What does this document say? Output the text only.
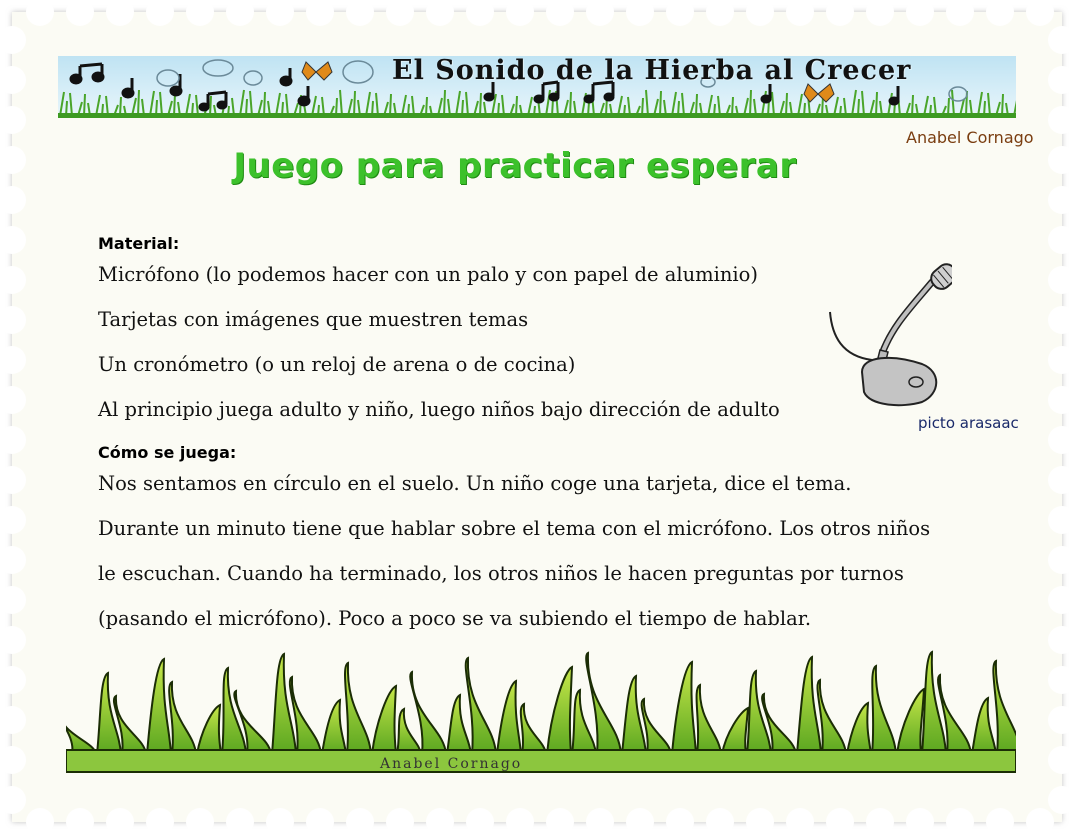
El Sonido de la Hierba al Crecer
Anabel Cornago
Juego para practicar esperar
Material:
Micrófono (lo podemos hacer con un palo y con papel de aluminio)
Tarjetas con imágenes que muestren temas
Un cronómetro (o un reloj de arena o de cocina)
Al principio juega adulto y niño, luego niños bajo dirección de adulto
Cómo se juega:
Nos sentamos en círculo en el suelo. Un niño coge una tarjeta, dice el tema.
Durante un minuto tiene que hablar sobre el tema con el micrófono. Los otros niños
le escuchan. Cuando ha terminado, los otros niños le hacen preguntas por turnos
(pasando el micrófono). Poco a poco se va subiendo el tiempo de hablar.
picto arasaac
Anabel Cornago
